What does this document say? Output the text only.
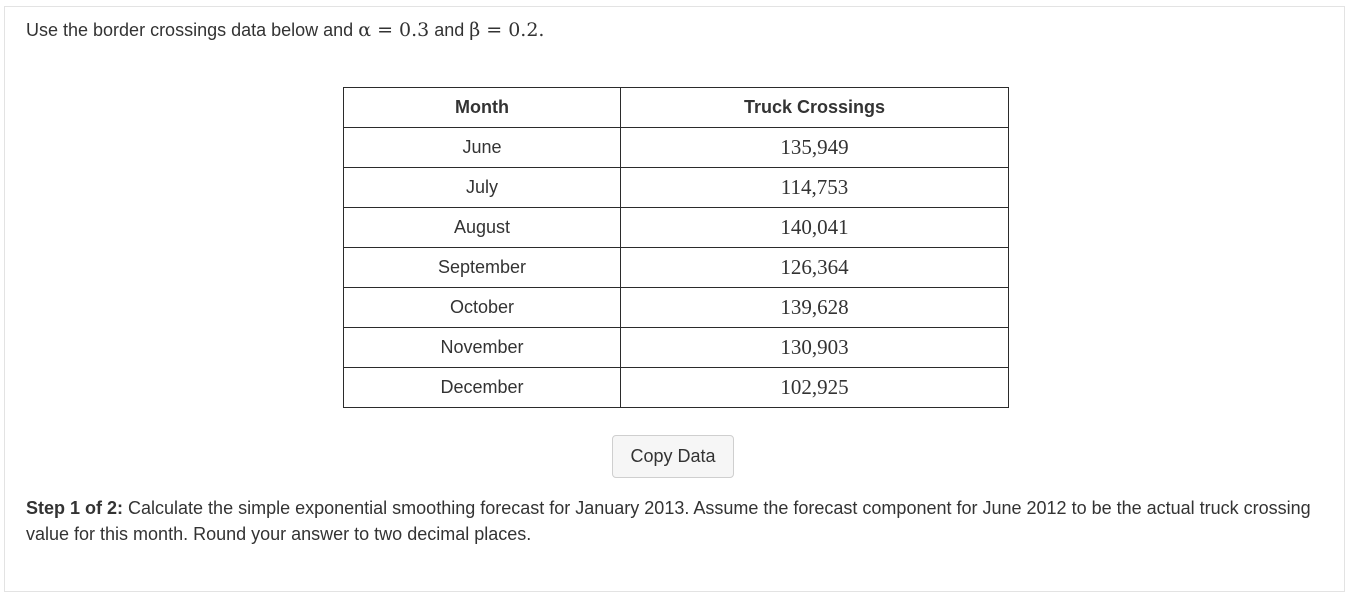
Use the border crossings data below and α = 0.3 and β = 0.2.
Month	Truck Crossings
June	135,949
July	114,753
August	140,041
September	126,364
October	139,628
November	130,903
December	102,925
Copy Data
Step 1 of 2: Calculate the simple exponential smoothing forecast for January 2013. Assume the forecast component for June 2012 to be the actual truck crossing value for this month. Round your answer to two decimal places.
